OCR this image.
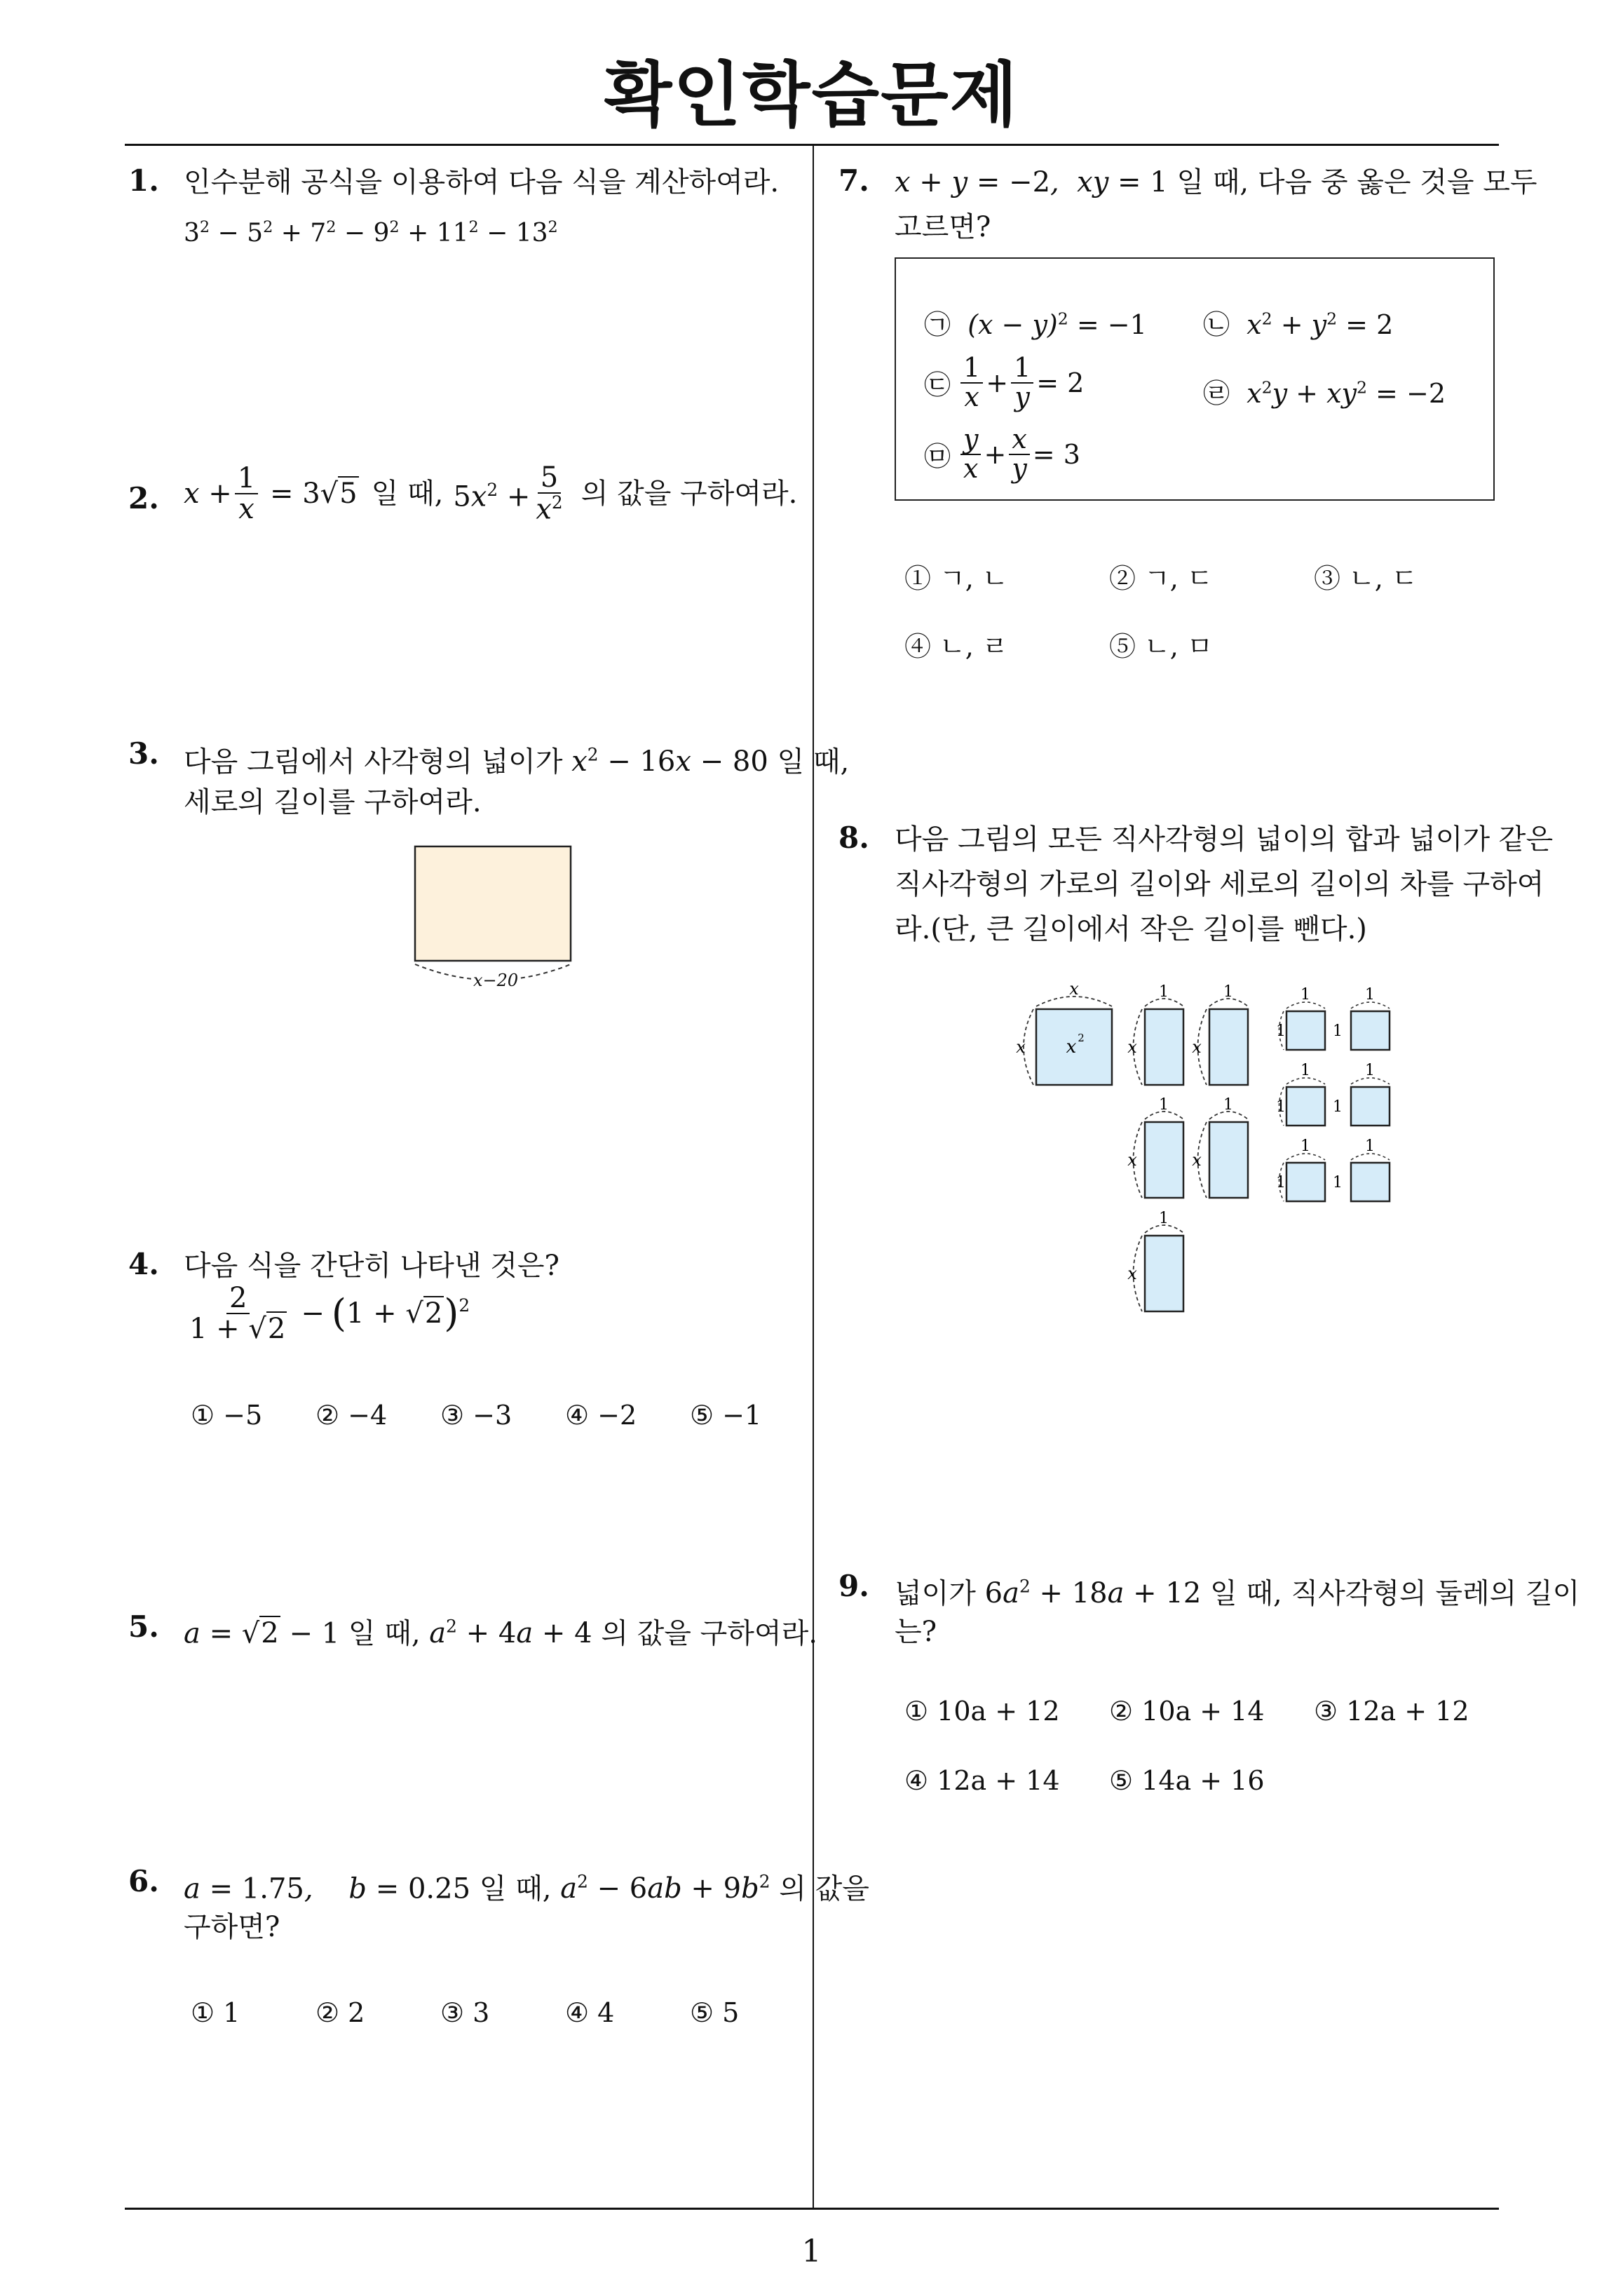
확인학습문제
1. 인수분해 공식을 이용하여 다음 식을 계산하여라.
$3^2 - 5^2 + 7^2 - 9^2 + 11^2 - 13^2$
2. $x + \frac{1}{x} = 3√5$ 일 때, $5x^2 + \frac{5}{x^2}$ 의 값을 구하여라.
3. 다음 그림에서 사각형의 넓이가 $x^2 - 16x - 80$ 일 때,
세로의 길이를 구하여라.
x−20
4. 다음 식을 간단히 나타낸 것은?
$\frac{2}{1 + √2}$ − ( 1 + √2 )$^2$
① −5	② −4	③ −3	④ −2	⑤ −1
5. a = √2 − 1 일 때, $a^2 + 4a + 4$ 의 값을 구하여라.
6. a = 1.75,    b = 0.25 일 때, $a^2 - 6ab + 9b^2$ 의 값을
구하면?
① 1	② 2	③ 3	④ 4	⑤ 5
7. x + y = −2,  xy = 1 일 때, 다음 중 옳은 것을 모두
고르면?
㉠  $(x - y)^2 = -1$ ㉡  $x^2 + y^2 = 2$
㉢ $\frac{1}{x} + \frac{1}{y} = 2$	㉣  $x^2y + xy^2 = -2$
㉤ $\frac{y}{x} + \frac{x}{y} = 3$
① ㄱ, ㄴ	② ㄱ, ㄷ	③ ㄴ, ㄷ
④ ㄴ, ㄹ	⑤ ㄴ, ㅁ
8. 다음 그림의 모든 직사각형의 넓이의 합과 넓이가 같은
직사각형의 가로의 길이와 세로의 길이의 차를 구하여
라.(단, 큰 길이에서 작은 길이를 뺀다.)
x
x x 2
1
x
1
x
1
x
1
x
1
x
1	1
1	1
1	1
1	1
1	1
1	1
9. 넓이가 $6a^2 + 18a + 12$ 일 때, 직사각형의 둘레의 길이
는?
① 10a + 12	② 10a + 14	③ 12a + 12
④ 12a + 14	⑤ 14a + 16
1
